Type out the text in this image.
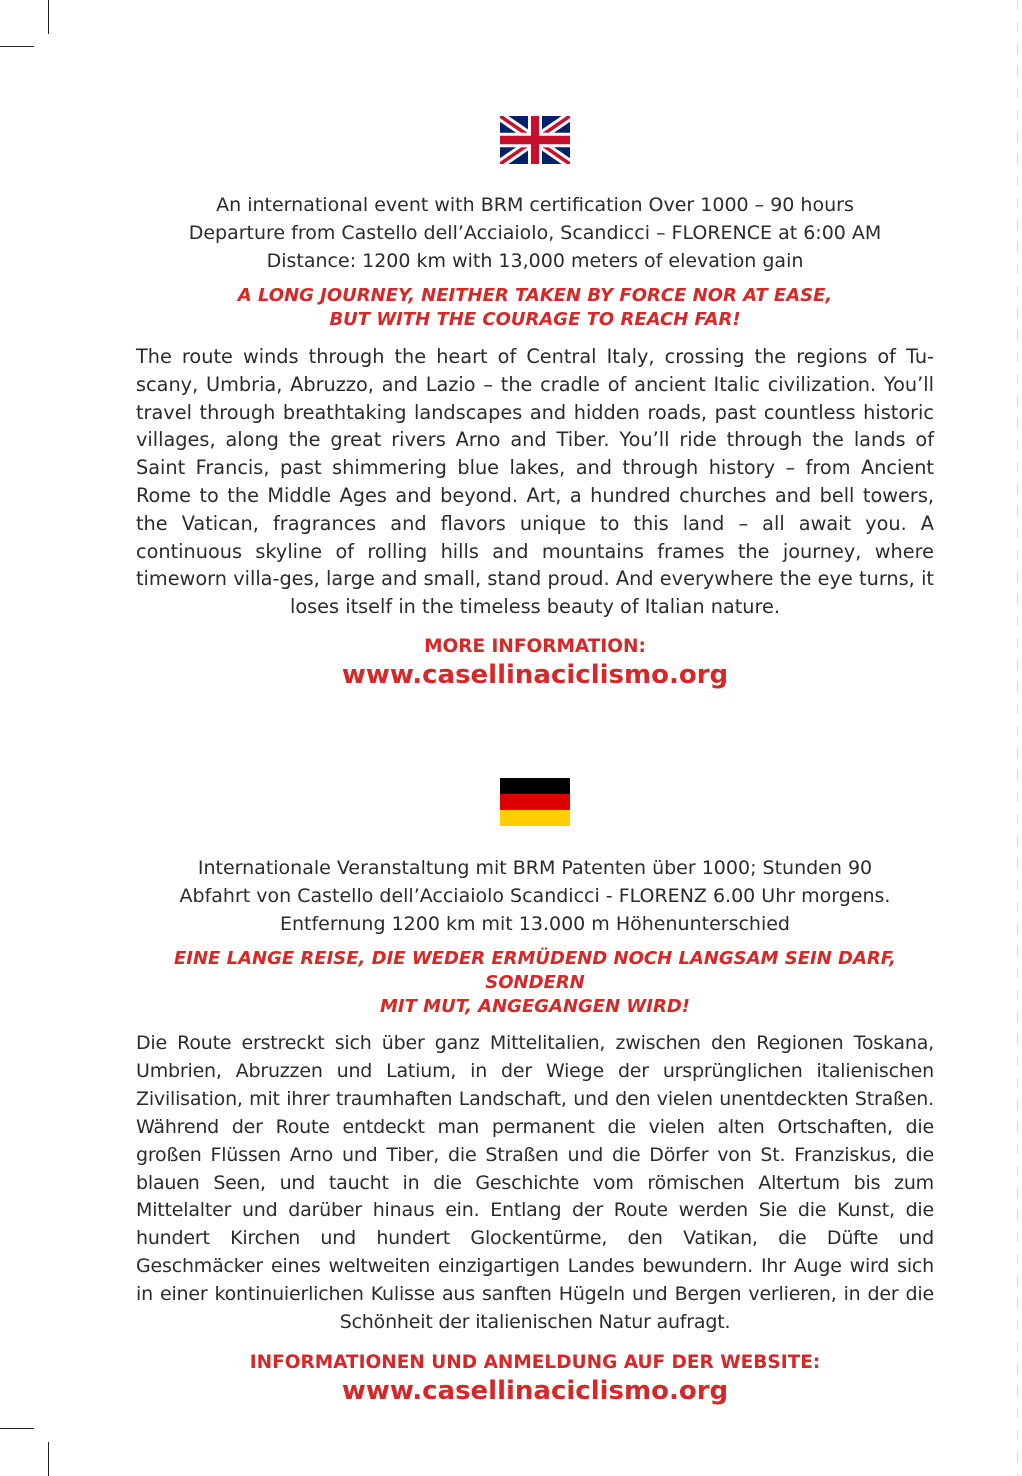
An international event with BRM certification Over 1000 – 90 hours
Departure from Castello dell’Acciaiolo, Scandicci – FLORENCE at 6:00 AM
Distance: 1200 km with 13,000 meters of elevation gain
A LONG JOURNEY, NEITHER TAKEN BY FORCE NOR AT EASE,
BUT WITH THE COURAGE TO REACH FAR!
The route winds through the heart of Central Italy, crossing the regions of Tu-scany, Umbria, Abruzzo, and Lazio – the cradle of ancient Italic civilization. You’ll travel through breathtaking landscapes and hidden roads, past countless historic villages, along the great rivers Arno and Tiber. You’ll ride through the lands of Saint Francis, past shimmering blue lakes, and through history – from Ancient Rome to the Middle Ages and beyond. Art, a hundred churches and bell towers, the Vatican, fragrances and flavors unique to this land – all await you. A continuous skyline of rolling hills and mountains frames the journey, where timeworn villa-ges, large and small, stand proud. And everywhere the eye turns, it loses itself in the timeless beauty of Italian nature.
MORE INFORMATION:
www.casellinaciclismo.org
Internationale Veranstaltung mit BRM Patenten über 1000; Stunden 90
Abfahrt von Castello dell’Acciaiolo Scandicci - FLORENZ 6.00 Uhr morgens.
Entfernung 1200 km mit 13.000 m Höhenunterschied
EINE LANGE REISE, DIE WEDER ERMÜDEND NOCH LANGSAM SEIN DARF, SONDERN
MIT MUT, ANGEGANGEN WIRD!
Die Route erstreckt sich über ganz Mittelitalien, zwischen den Regionen Toskana, Umbrien, Abruzzen und Latium, in der Wiege der ursprünglichen italienischen Zivilisation, mit ihrer traumhaften Landschaft, und den vielen unentdeckten Straßen. Während der Route entdeckt man permanent die vielen alten Ortschaften, die großen Flüssen Arno und Tiber, die Straßen und die Dörfer von St. Franziskus, die blauen Seen, und taucht in die Geschichte vom römischen Altertum bis zum Mittelalter und darüber hinaus ein. Entlang der Route werden Sie die Kunst, die hundert Kirchen und hundert Glockentürme, den Vatikan, die Düfte und Geschmäcker eines weltweiten einzigartigen Landes bewundern. Ihr Auge wird sich in einer kontinuierlichen Kulisse aus sanften Hügeln und Bergen verlieren, in der die Schönheit der italienischen Natur aufragt.
INFORMATIONEN UND ANMELDUNG AUF DER WEBSITE:
www.casellinaciclismo.org
